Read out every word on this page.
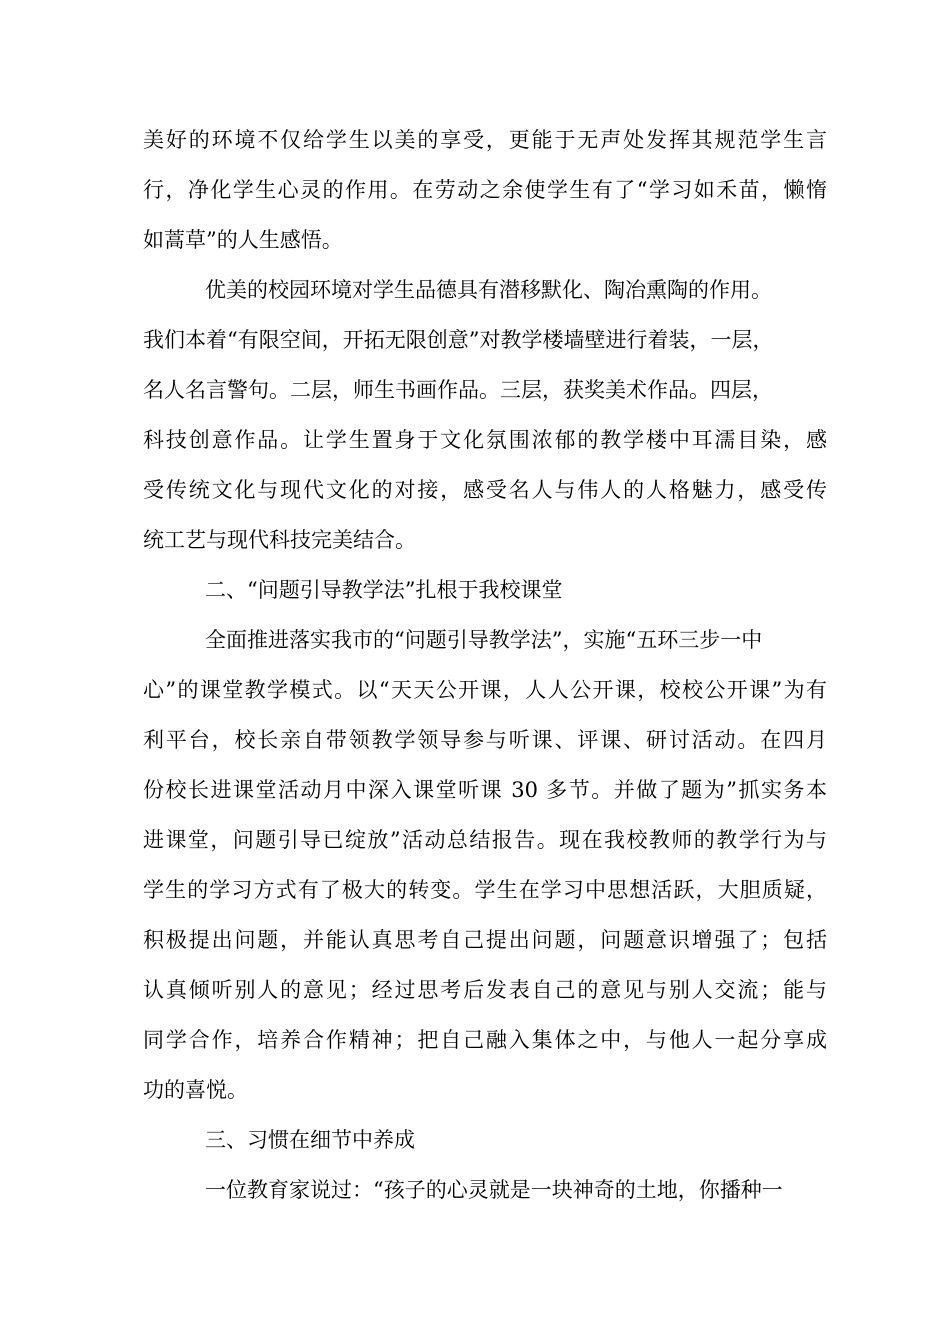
美好的环境不仅给学生以美的享受，更能于无声处发挥其规范学生言
行，净化学生心灵的作用。在劳动之余使学生有了“学习如禾苗，懒惰
如蒿草”的人生感悟。
优美的校园环境对学生品德具有潜移默化、陶冶熏陶的作用。
我们本着“有限空间，开拓无限创意”对教学楼墙壁进行着装，一层，
名人名言警句。二层，师生书画作品。三层，获奖美术作品。四层，
科技创意作品。让学生置身于文化氛围浓郁的教学楼中耳濡目染，感
受传统文化与现代文化的对接，感受名人与伟人的人格魅力，感受传
统工艺与现代科技完美结合。
二、“问题引导教学法”扎根于我校课堂
全面推进落实我市的“问题引导教学法”，实施“五环三步一中
心”的课堂教学模式。以“天天公开课，人人公开课，校校公开课”为有
利平台，校长亲自带领教学领导参与听课、评课、研讨活动。在四月
份校长进课堂活动月中深入课堂听课 30 多节。并做了题为”抓实务本
进课堂，问题引导已绽放”活动总结报告。现在我校教师的教学行为与
学生的学习方式有了极大的转变。学生在学习中思想活跃，大胆质疑，
积极提出问题，并能认真思考自己提出问题，问题意识增强了；包括
认真倾听别人的意见；经过思考后发表自己的意见与别人交流；能与
同学合作，培养合作精神；把自己融入集体之中，与他人一起分享成
功的喜悦。
三、习惯在细节中养成
一位教育家说过：“孩子的心灵就是一块神奇的土地，你播种一
